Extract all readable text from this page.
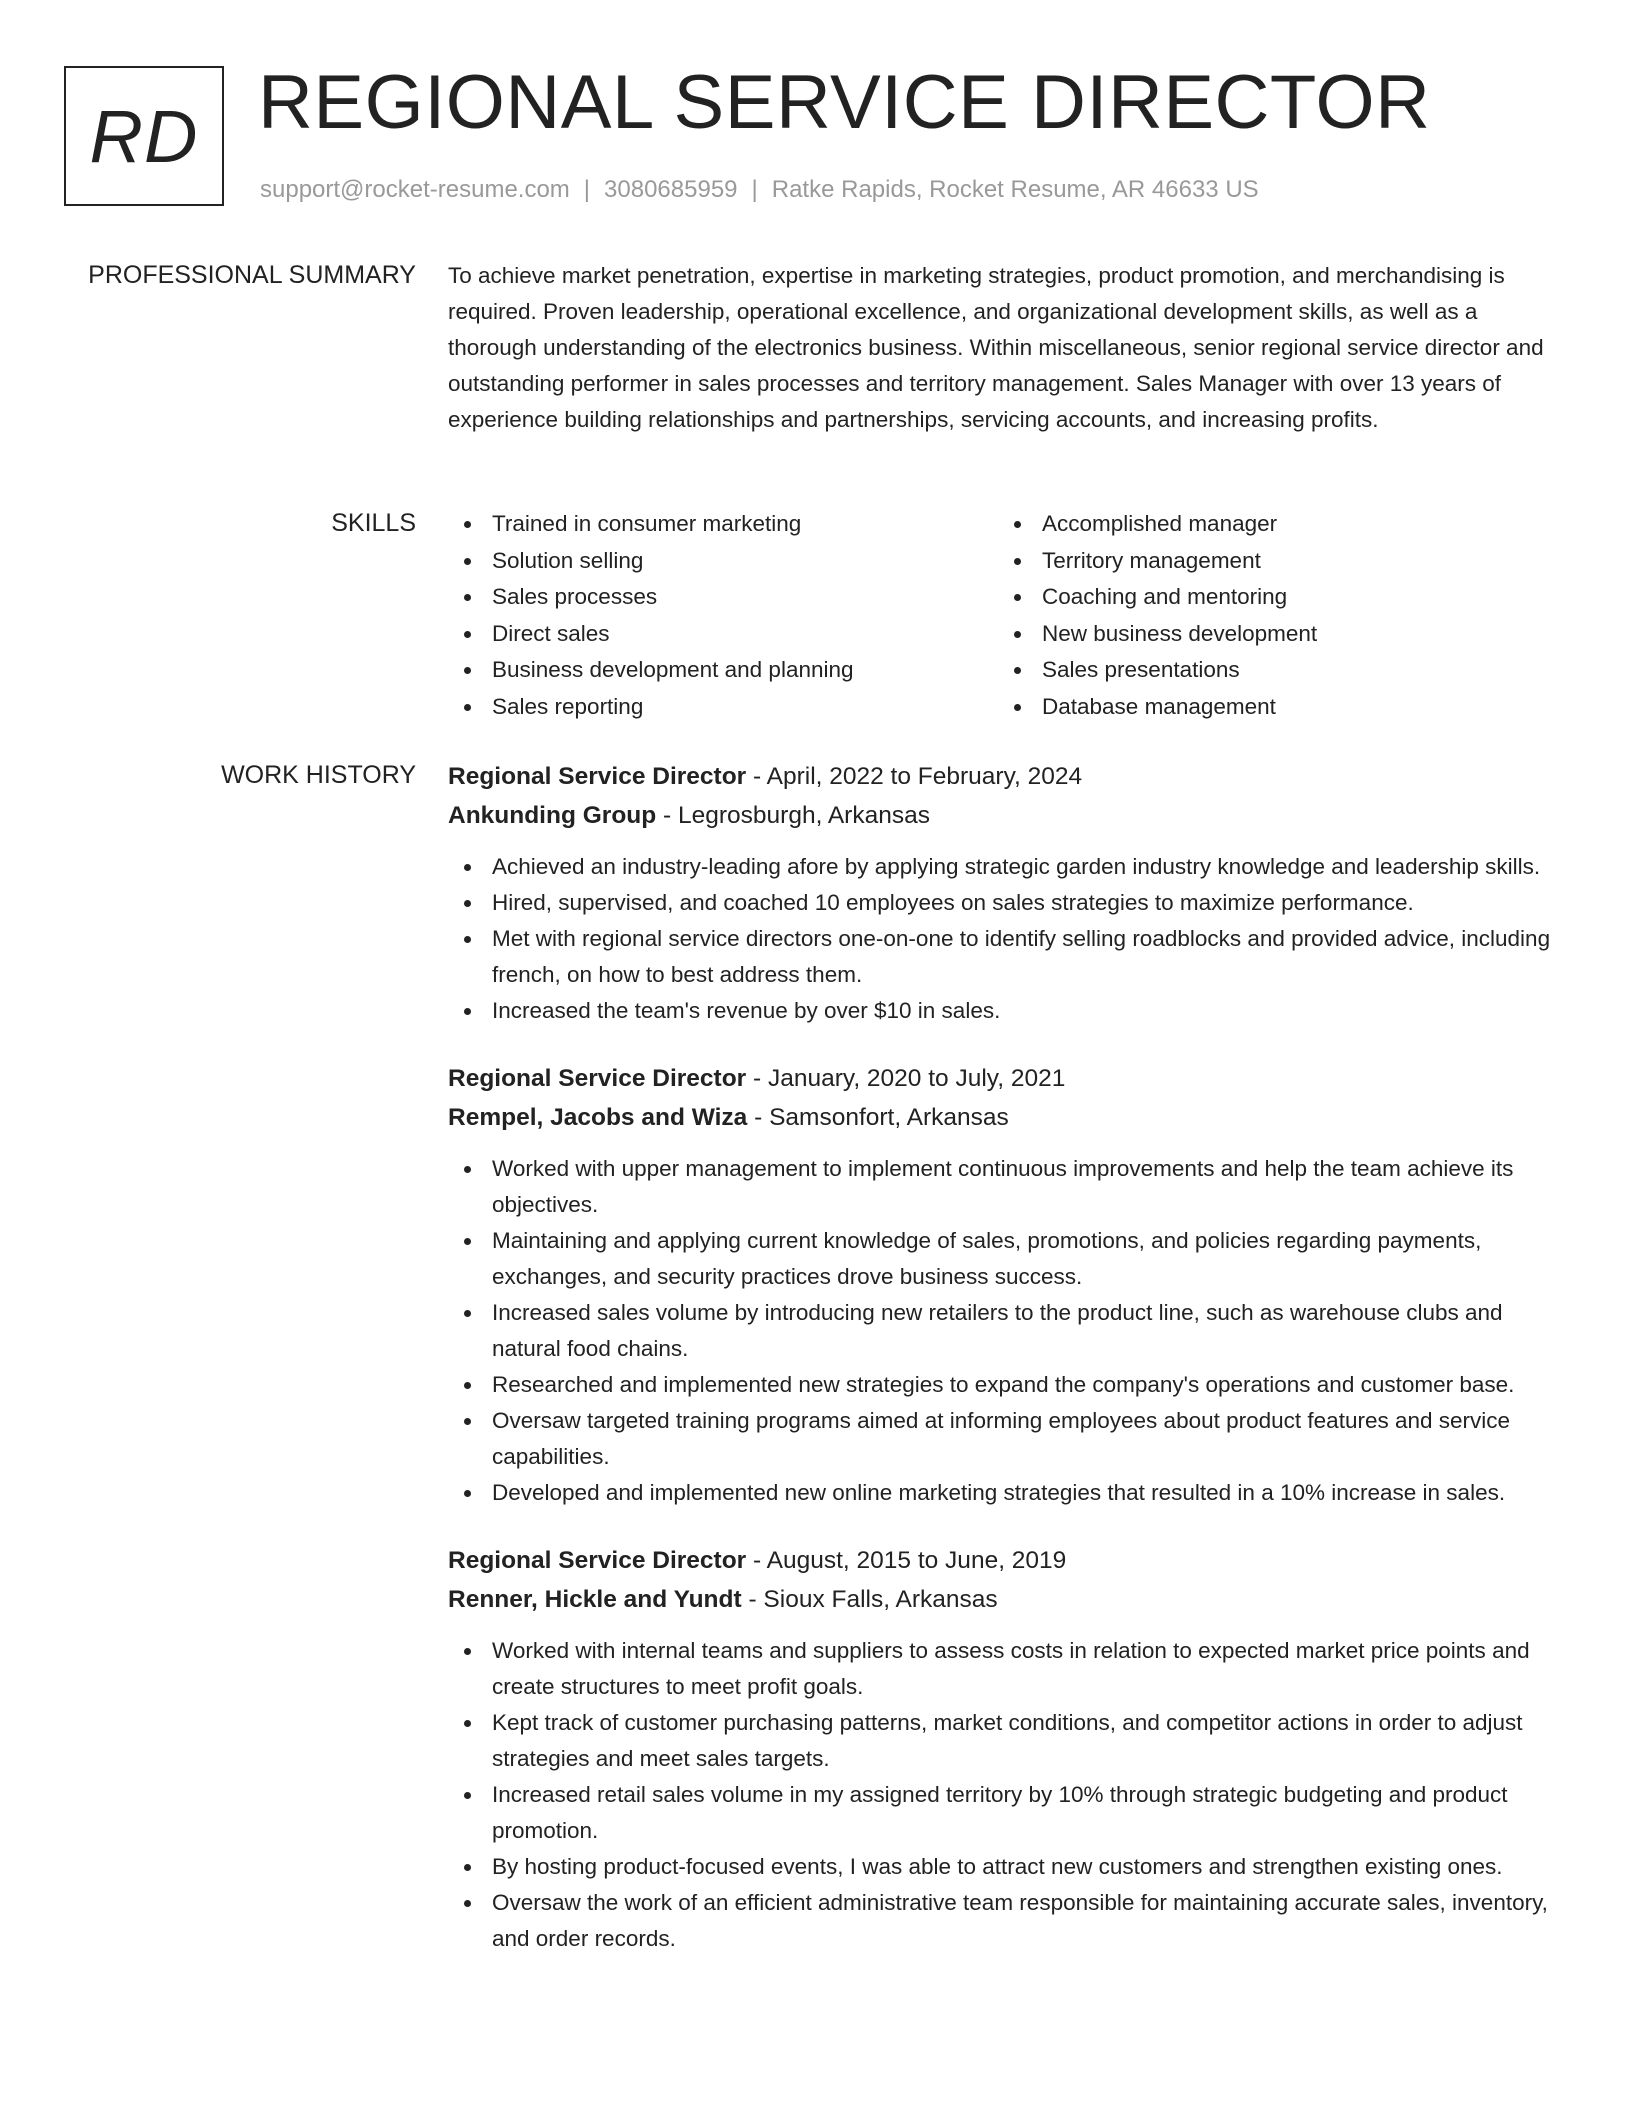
RD REGIONAL SERVICE DIRECTOR
support@rocket-resume.com | 3080685959 | Ratke Rapids, Rocket Resume, AR 46633 US
PROFESSIONAL SUMMARY To achieve market penetration, expertise in marketing strategies, product promotion, and merchandising is required. Proven leadership, operational excellence, and organizational development skills, as well as a thorough understanding of the electronics business. Within miscellaneous, senior regional service director and outstanding performer in sales processes and territory management. Sales Manager with over 13 years of experience building relationships and partnerships, servicing accounts, and increasing profits.

SKILLS	Trained in consumer marketing
Solution selling
Sales processes
Direct sales
Business development and planning
Sales reporting
Accomplished manager
Territory management
Coaching and mentoring
New business development
Sales presentations
Database management
WORK HISTORY Regional Service Director - April, 2022 to February, 2024
Ankunding Group - Legrosburgh, Arkansas
Achieved an industry-leading afore by applying strategic garden industry knowledge and leadership skills.
Hired, supervised, and coached 10 employees on sales strategies to maximize performance.
Met with regional service directors one-on-one to identify selling roadblocks and provided advice, including french, on how to best address them.
Increased the team's revenue by over $10 in sales.
Regional Service Director - January, 2020 to July, 2021
Rempel, Jacobs and Wiza - Samsonfort, Arkansas
Worked with upper management to implement continuous improvements and help the team achieve its objectives.
Maintaining and applying current knowledge of sales, promotions, and policies regarding payments, exchanges, and security practices drove business success.
Increased sales volume by introducing new retailers to the product line, such as warehouse clubs and natural food chains.
Researched and implemented new strategies to expand the company's operations and customer base.
Oversaw targeted training programs aimed at informing employees about product features and service capabilities.
Developed and implemented new online marketing strategies that resulted in a 10% increase in sales.
Regional Service Director - August, 2015 to June, 2019
Renner, Hickle and Yundt - Sioux Falls, Arkansas
Worked with internal teams and suppliers to assess costs in relation to expected market price points and create structures to meet profit goals.
Kept track of customer purchasing patterns, market conditions, and competitor actions in order to adjust strategies and meet sales targets.
Increased retail sales volume in my assigned territory by 10% through strategic budgeting and product promotion.
By hosting product-focused events, I was able to attract new customers and strengthen existing ones.
Oversaw the work of an efficient administrative team responsible for maintaining accurate sales, inventory, and order records.
